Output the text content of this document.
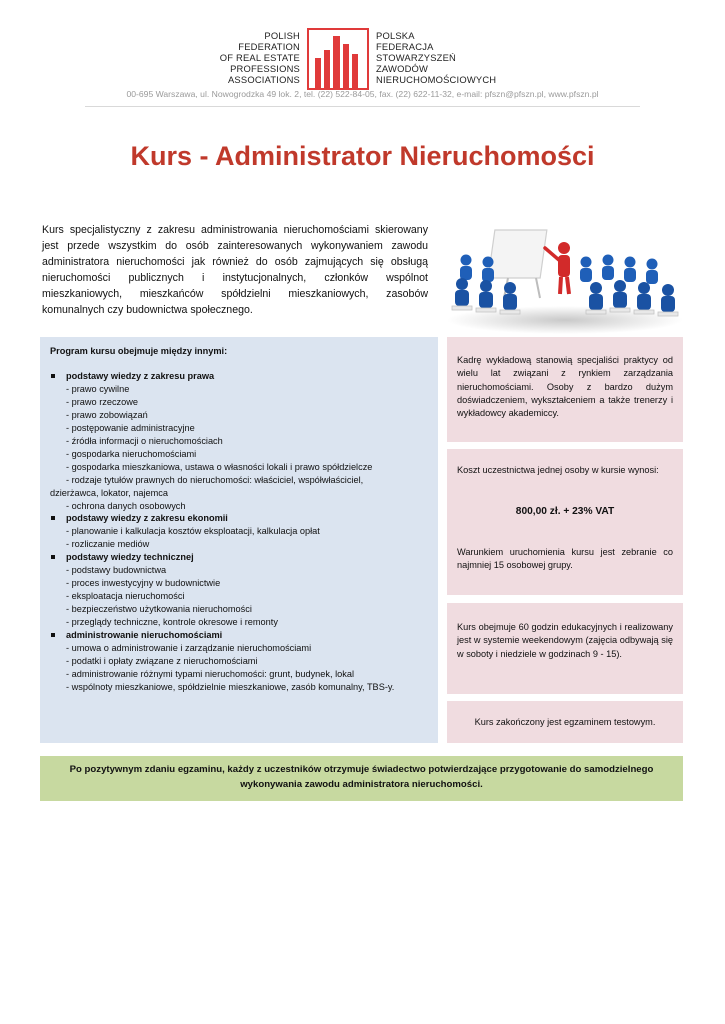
POLISH
FEDERATION
OF REAL ESTATE
PROFESSIONS
ASSOCIATIONS
POLSKA
FEDERACJA
STOWARZYSZEŃ
ZAWODÓW
NIERUCHOMOŚCIOWYCH
00-695 Warszawa, ul. Nowogrodzka 49 lok. 2, tel. (22) 522-84-05, fax. (22) 622-11-32, e-mail: pfszn@pfszn.pl, www.pfszn.pl
Kurs - Administrator Nieruchomości
Kurs specjalistyczny z zakresu administrowania nieruchomościami skierowany jest przede wszystkim do osób zainteresowanych wykonywaniem zawodu administratora nieruchomości jak również do osób zajmujących się obsługą nieruchomości publicznych i instytucjonalnych, członków wspólnot mieszkaniowych, mieszkańców spółdzielni mieszkaniowych, zasobów komunalnych czy budownictwa społecznego.
Program kursu obejmuje między innymi:
podstawy wiedzy z zakresu prawa
- prawo cywilne
- prawo rzeczowe
- prawo zobowiązań
- postępowanie administracyjne
- źródła informacji o nieruchomościach
- gospodarka nieruchomościami
- gospodarka mieszkaniowa, ustawa o własności lokali i prawo spółdzielcze
- rodzaje tytułów prawnych do nieruchomości: właściciel, współwłaściciel,
dzierżawca, lokator, najemca
- ochrona danych osobowych
podstawy wiedzy z zakresu ekonomii
- planowanie i kalkulacja kosztów eksploatacji, kalkulacja opłat
- rozliczanie mediów
podstawy wiedzy technicznej
- podstawy budownictwa
- proces inwestycyjny w budownictwie
- eksploatacja nieruchomości
- bezpieczeństwo użytkowania nieruchomości
- przeglądy techniczne, kontrole okresowe i remonty
administrowanie nieruchomościami
- umowa o administrowanie i zarządzanie nieruchomościami
- podatki i opłaty związane z nieruchomościami
- administrowanie różnymi typami nieruchomości: grunt, budynek, lokal
- wspólnoty mieszkaniowe, spółdzielnie mieszkaniowe, zasób komunalny, TBS-y.
Kadrę wykładową stanowią specjaliści praktycy od wielu lat związani z rynkiem zarządzania nieruchomościami. Osoby z bardzo dużym doświadczeniem, wykształceniem a także trenerzy i wykładowcy akademiccy.
Koszt uczestnictwa jednej osoby w kursie wynosi:
800,00 zł. + 23% VAT
Warunkiem uruchomienia kursu jest zebranie co najmniej 15 osobowej grupy.
Kurs obejmuje 60 godzin edukacyjnych i realizowany jest w systemie weekendowym (zajęcia odbywają się w soboty i niedziele w godzinach 9 - 15).
Kurs zakończony jest egzaminem testowym.
Po pozytywnym zdaniu egzaminu, każdy z uczestników otrzymuje świadectwo potwierdzające przygotowanie do samodzielnego wykonywania zawodu administratora nieruchomości.
